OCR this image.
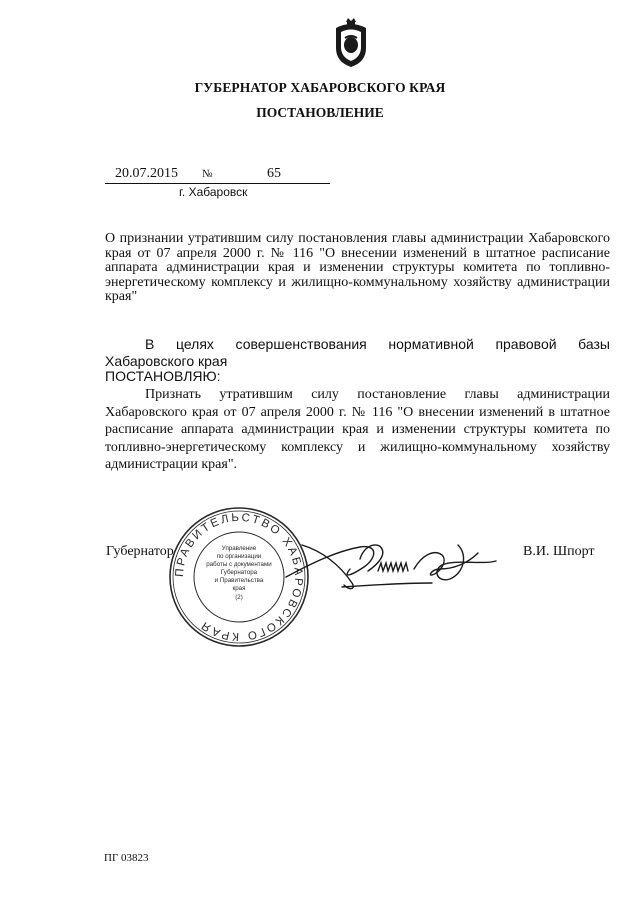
ГУБЕРНАТОР ХАБАРОВСКОГО КРАЯ
ПОСТАНОВЛЕНИЕ
20.07.2015 №	65
г. Хабаровск
О признании утратившим силу постановления главы администрации Хабаровского края от 07 апреля 2000 г. № 116 "О внесении изменений в штатное расписание аппарата администрации края и изменении структуры комитета по топливно-энергетическому комплексу и жилищно-коммунальному хозяйству администрации края"
В целях совершенствования нормативной правовой базы Хабаровского края
ПОСТАНОВЛЯЮ:
Признать утратившим силу постановление главы администрации Хабаровского края от 07 апреля 2000 г. № 116 "О внесении изменений в штатное расписание аппарата администрации края и изменении структуры комитета по топливно-энергетическому комплексу и жилищно-коммунальному хозяйству администрации края".
Губернатор	В.И. Шпорт
ПРАВИТЕЛЬСТВО ХАБАРОВСКОГО КРАЯ
Управление
по организации
работы с документами
Губернатора
и Правительства
края
(2)
ПГ 03823
